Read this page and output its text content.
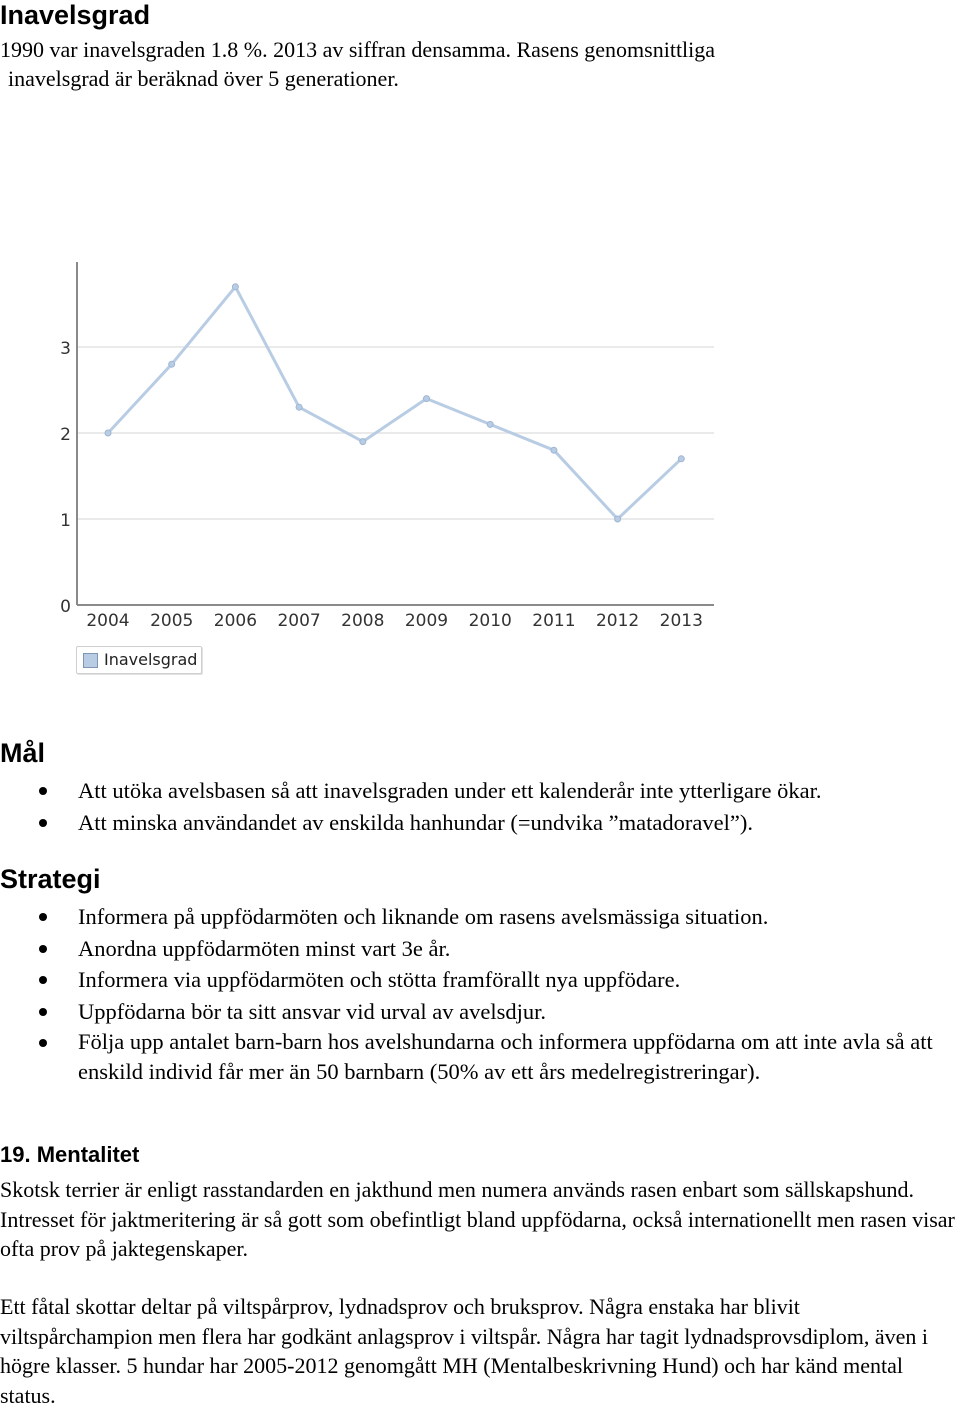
Inavelsgrad

1990 var inavelsgraden 1.8 %. 2013 av siffran densamma. Rasens genomsnittliga

inavelsgrad är beräknad över 5 generationer.

0
1
2
3
2004 2005 2006 2007 2008 2009 2010 2011 2012 2013
Inavelsgrad
Mål
Att utöka avelsbasen så att inavelsgraden under ett kalenderår inte ytterligare ökar.
Att minska användandet av enskilda hanhundar (=undvika ”matadoravel”).
Strategi
Informera på uppfödarmöten och liknande om rasens avelsmässiga situation.
Anordna uppfödarmöten minst vart 3e år.
Informera via uppfödarmöten och stötta framförallt nya uppfödare.
Uppfödarna bör ta sitt ansvar vid urval av avelsdjur.
Följa upp antalet barn-barn hos avelshundarna och informera uppfödarna om att inte avla så att enskild individ får mer än 50 barnbarn (50% av ett års medelregistreringar).
19. Mentalitet

Skotsk terrier är enligt rasstandarden en jakthund men numera används rasen enbart som sällskapshund. Intresset för jaktmeritering är så gott som obefintligt bland uppfödarna, också internationellt men rasen visar ofta prov på jaktegenskaper.

Ett fåtal skottar deltar på viltspårprov, lydnadsprov och bruksprov. Några enstaka har blivit viltspårchampion men flera har godkänt anlagsprov i viltspår. Några har tagit lydnadsprovsdiplom, även i högre klasser. 5 hundar har 2005-2012 genomgått MH (Mentalbeskrivning Hund) och har känd mental status.
